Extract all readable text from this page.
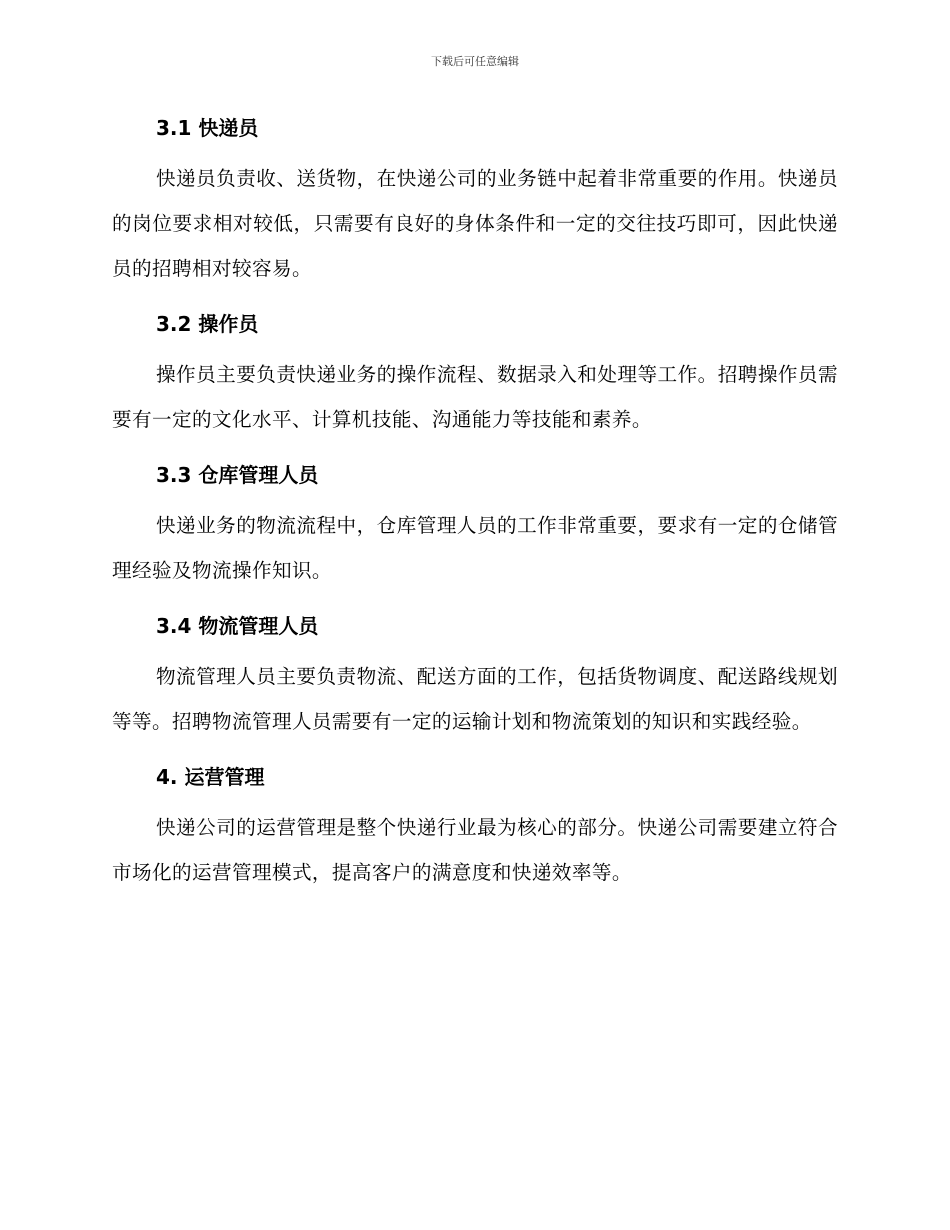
下载后可任意编辑
3.1 快递员

快递员负责收、送货物，在快递公司的业务链中起着非常重要的作用。快递员的岗位要求相对较低，只需要有良好的身体条件和一定的交往技巧即可，因此快递员的招聘相对较容易。

3.2 操作员

操作员主要负责快递业务的操作流程、数据录入和处理等工作。招聘操作员需要有一定的文化水平、计算机技能、沟通能力等技能和素养。

3.3 仓库管理人员

快递业务的物流流程中，仓库管理人员的工作非常重要，要求有一定的仓储管理经验及物流操作知识。

3.4 物流管理人员

物流管理人员主要负责物流、配送方面的工作，包括货物调度、配送路线规划等等。招聘物流管理人员需要有一定的运输计划和物流策划的知识和实践经验。

4. 运营管理

快递公司的运营管理是整个快递行业最为核心的部分。快递公司需要建立符合市场化的运营管理模式，提高客户的满意度和快递效率等。
